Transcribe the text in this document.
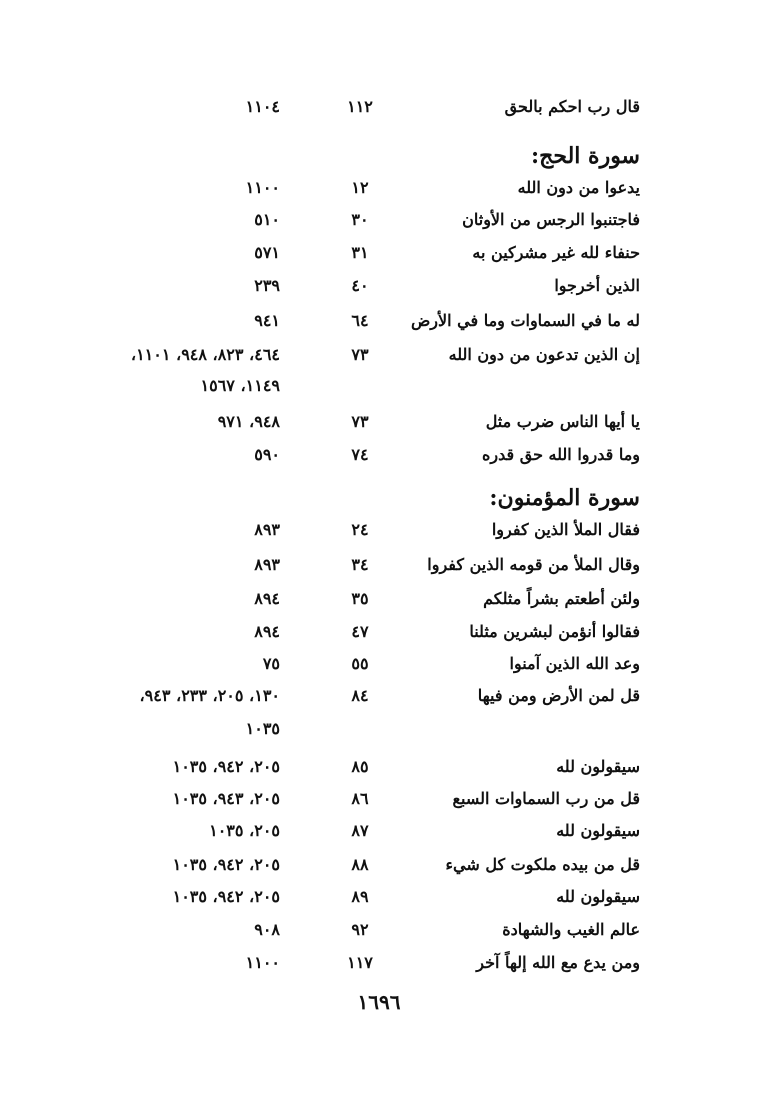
قال رب احكم بالحق
١١٢
١١٠٤
سورة الحج:
يدعوا من دون الله
١٢
١١٠٠
فاجتنبوا الرجس من الأوثان
٣٠
٥١٠
حنفاء لله غير مشركين به
٣١
٥٧١
الذين أخرجوا
٤٠
٢٣٩
له ما في السماوات وما في الأرض
٦٤
٩٤١
إن الذين تدعون من دون الله
٧٣
٤٦٤، ٨٢٣، ٩٤٨، ١١٠١،
١١٤٩، ١٥٦٧
يا أيها الناس ضرب مثل
٧٣
٩٤٨، ٩٧١
وما قدروا الله حق قدره
٧٤
٥٩٠
سورة المؤمنون:
فقال الملأ الذين كفروا
٢٤
٨٩٣
وقال الملأ من قومه الذين كفروا
٣٤
٨٩٣
ولئن أطعتم بشراً مثلكم
٣٥
٨٩٤
فقالوا أنؤمن لبشرين مثلنا
٤٧
٨٩٤
وعد الله الذين آمنوا
٥٥
٧٥
قل لمن الأرض ومن فيها
٨٤
١٣٠، ٢٠٥، ٢٣٣، ٩٤٣،
١٠٣٥
سيقولون لله
٨٥
٢٠٥، ٩٤٢، ١٠٣٥
قل من رب السماوات السبع
٨٦
٢٠٥، ٩٤٣، ١٠٣٥
سيقولون لله
٨٧
٢٠٥، ١٠٣٥
قل من بيده ملكوت كل شيء
٨٨
٢٠٥، ٩٤٢، ١٠٣٥
سيقولون لله
٨٩
٢٠٥، ٩٤٢، ١٠٣٥
عالم الغيب والشهادة
٩٢
٩٠٨
ومن يدع مع الله إلهاً آخر
١١٧
١١٠٠
١٦٩٦
